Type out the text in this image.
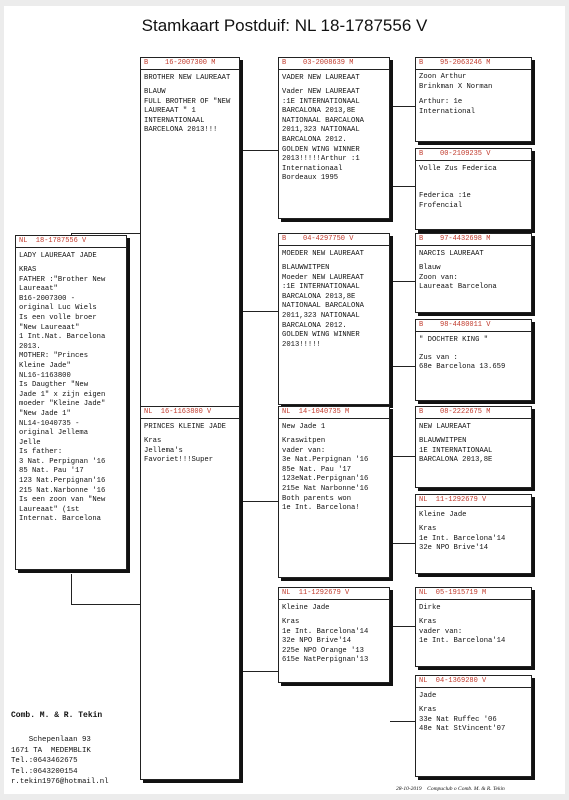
Stamkaart Postduif: NL 18-1787556 V
NL  18-1787556 V
LADY LAUREAAT JADE
KRAS
FATHER :"Brother New
Laureaat"
B16-2007300 -
original Luc Wiels
Is een volle broer
"New Laureaat"
1 Int.Nat. Barcelona
2013.
MOTHER: "Princes
Kleine Jade"
NL16-1163800
Is Daugther "New
Jade 1" x zijn eigen
moeder "Kleine Jade"
"New Jade 1"
NL14-1040735 -
original Jellema
Jelle
Is father:
3 Nat. Perpignan '16
85 Nat. Pau '17
123 Nat.Perpignan'16
215 Nat.Narbonne '16
Is een zoon van "New
Laureaat" (1st
Internat. Barcelona
B    16-2007300 M
BROTHER NEW LAUREAAT
BLAUW
FULL BROTHER OF "NEW
LAUREAAT " 1
INTERNATIONAAL
BARCELONA 2013!!!
NL  16-1163800 V
PRINCES KLEINE JADE
Kras
Jellema's
Favoriet!!!Super
B    03-2008639 M
VADER NEW LAUREAAT
Vader NEW LAUREAAT
:1E INTERNATIONAAL
BARCALONA 2013,8E
NATIONAAL BARCALONA
2011,323 NATIONAAL
BARCALONA 2012.
GOLDEN WING WINNER
2013!!!!!Arthur :1
Internationaal
Bordeaux 1995
B    04-4297750 V
MOEDER NEW LAUREAAT
BLAUWWITPEN
Moeder NEW LAUREAAT
:1E INTERNATIONAAL
BARCALONA 2013,8E
NATIONAAL BARCALONA
2011,323 NATIONAAL
BARCALONA 2012.
GOLDEN WING WINNER
2013!!!!!
NL  14-1040735 M
New Jade 1
Kraswitpen
vader van:
3e Nat.Perpignan '16
85e Nat. Pau '17
123eNat.Perpignan'16
215e Nat Narbonne'16
Both parents won
1e Int. Barcelona!
NL  11-1292679 V
Kleine Jade
Kras
1e Int. Barcelona'14
32e NPO Brive'14
225e NPO Orange '13
615e NatPerpignan'13
B    95-2063246 M
Zoon Arthur
Brinkman X Norman
Arthur: 1e
International
B    00-2109235 V
Volle Zus Federica

Federica :1e
Frofencial
B    97-4432698 M
NARCIS LAUREAAT
Blauw
Zoon van:
Laureaat Barcelona
B    98-4480011 V
" DOCHTER KING "

Zus van :
68e Barcelona 13.659
B    08-2222675 M
NEW LAUREAAT
BLAUWWITPEN
1E INTERNATIONAAL
BARCALONA 2013,8E
NL  11-1292679 V
Kleine Jade
Kras
1e Int. Barcelona'14
32e NPO Brive'14
NL  05-1915719 M
Dirke
Kras
vader van:
1e Int. Barcelona'14
NL  04-1369280 V
Jade
Kras
33e Nat Ruffec '06
48e Nat StVincent'07

Comb. M. & R. Tekin

Schepenlaan 93
1671 TA  MEDEMBLIK
Tel.:0643462675
Tel.:0643200154
r.tekin1976@hotmail.nl

28-10-2019    Compuclub o Comb. M. & R. Tekin
